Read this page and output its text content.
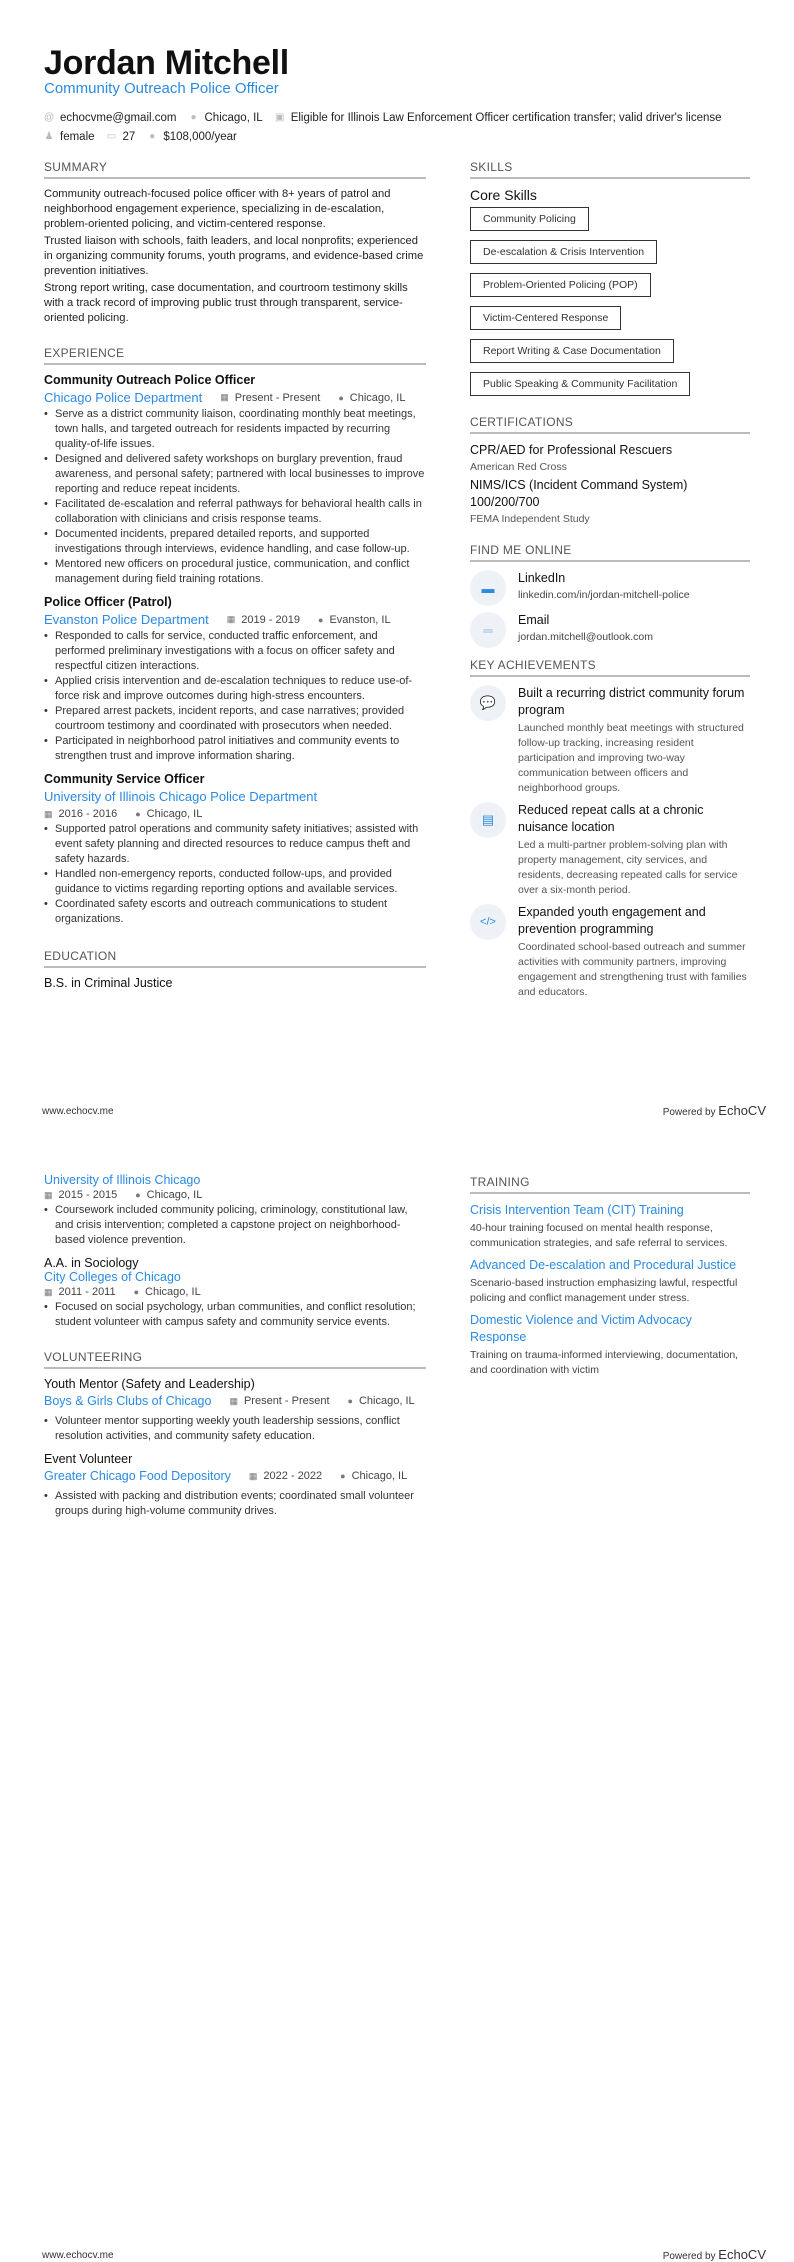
Jordan Mitchell
Community Outreach Police Officer
@ echocvme@gmail.com ● Chicago, IL ▣ Eligible for Illinois Law Enforcement Officer certification transfer; valid driver's license
♟ female ▭ 27 ● $108,000/year
SUMMARY

Community outreach-focused police officer with 8+ years of patrol and neighborhood engagement experience, specializing in de-escalation, problem-oriented policing, and victim-centered response.

Trusted liaison with schools, faith leaders, and local nonprofits; experienced in organizing community forums, youth programs, and evidence-based crime prevention initiatives.

Strong report writing, case documentation, and courtroom testimony skills with a track record of improving public trust through transparent, service-oriented policing.

EXPERIENCE
Community Outreach Police Officer
Chicago Police Department ▦ Present - Present ● Chicago, IL
• Serve as a district community liaison, coordinating monthly beat meetings, town halls, and targeted outreach for residents impacted by recurring quality-of-life issues.
• Designed and delivered safety workshops on burglary prevention, fraud awareness, and personal safety; partnered with local businesses to improve reporting and reduce repeat incidents.
• Facilitated de-escalation and referral pathways for behavioral health calls in collaboration with clinicians and crisis response teams.
• Documented incidents, prepared detailed reports, and supported investigations through interviews, evidence handling, and case follow-up.
• Mentored new officers on procedural justice, communication, and conflict management during field training rotations.
Police Officer (Patrol)
Evanston Police Department ▦ 2019 - 2019 ● Evanston, IL
• Responded to calls for service, conducted traffic enforcement, and performed preliminary investigations with a focus on officer safety and respectful citizen interactions.
• Applied crisis intervention and de-escalation techniques to reduce use-of-force risk and improve outcomes during high-stress encounters.
• Prepared arrest packets, incident reports, and case narratives; provided courtroom testimony and coordinated with prosecutors when needed.
• Participated in neighborhood patrol initiatives and community events to strengthen trust and improve information sharing.
Community Service Officer
University of Illinois Chicago Police Department
▦ 2016 - 2016 ● Chicago, IL
• Supported patrol operations and community safety initiatives; assisted with event safety planning and directed resources to reduce campus theft and safety hazards.
• Handled non-emergency reports, conducted follow-ups, and provided guidance to victims regarding reporting options and available services.
• Coordinated safety escorts and outreach communications to student organizations.
EDUCATION
B.S. in Criminal Justice
SKILLS
Core Skills
Community Policing
De-escalation & Crisis Intervention
Problem-Oriented Policing (POP)
Victim-Centered Response
Report Writing & Case Documentation
Public Speaking & Community Facilitation
CERTIFICATIONS
CPR/AED for Professional Rescuers
American Red Cross
NIMS/ICS (Incident Command System) 100/200/700
FEMA Independent Study
FIND ME ONLINE
▬
LinkedIn
linkedin.com/in/jordan-mitchell-police
═
Email
jordan.mitchell@outlook.com
KEY ACHIEVEMENTS
💬
Built a recurring district community forum program
Launched monthly beat meetings with structured follow-up tracking, increasing resident participation and improving two-way communication between officers and neighborhood groups.
▤
Reduced repeat calls at a chronic nuisance location
Led a multi-partner problem-solving plan with property management, city services, and residents, decreasing repeated calls for service over a six-month period.
</>
Expanded youth engagement and prevention programming
Coordinated school-based outreach and summer activities with community partners, improving engagement and strengthening trust with families and educators.
www.echocv.me	Powered by EchoCV
University of Illinois Chicago
▦ 2015 - 2015 ● Chicago, IL
• Coursework included community policing, criminology, constitutional law, and crisis intervention; completed a capstone project on neighborhood-based violence prevention.
A.A. in Sociology
City Colleges of Chicago
▦ 2011 - 2011 ● Chicago, IL
• Focused on social psychology, urban communities, and conflict resolution; student volunteer with campus safety and community service events.
VOLUNTEERING
Youth Mentor (Safety and Leadership)
Boys & Girls Clubs of Chicago ▦ Present - Present ● Chicago, IL
• Volunteer mentor supporting weekly youth leadership sessions, conflict resolution activities, and community safety education.
Event Volunteer
Greater Chicago Food Depository ▦ 2022 - 2022 ● Chicago, IL
• Assisted with packing and distribution events; coordinated small volunteer groups during high-volume community drives.
TRAINING
Crisis Intervention Team (CIT) Training
40-hour training focused on mental health response, communication strategies, and safe referral to services.
Advanced De-escalation and Procedural Justice
Scenario-based instruction emphasizing lawful, respectful policing and conflict management under stress.
Domestic Violence and Victim Advocacy Response
Training on trauma-informed interviewing, documentation, and coordination with victim
www.echocv.me	Powered by EchoCV
